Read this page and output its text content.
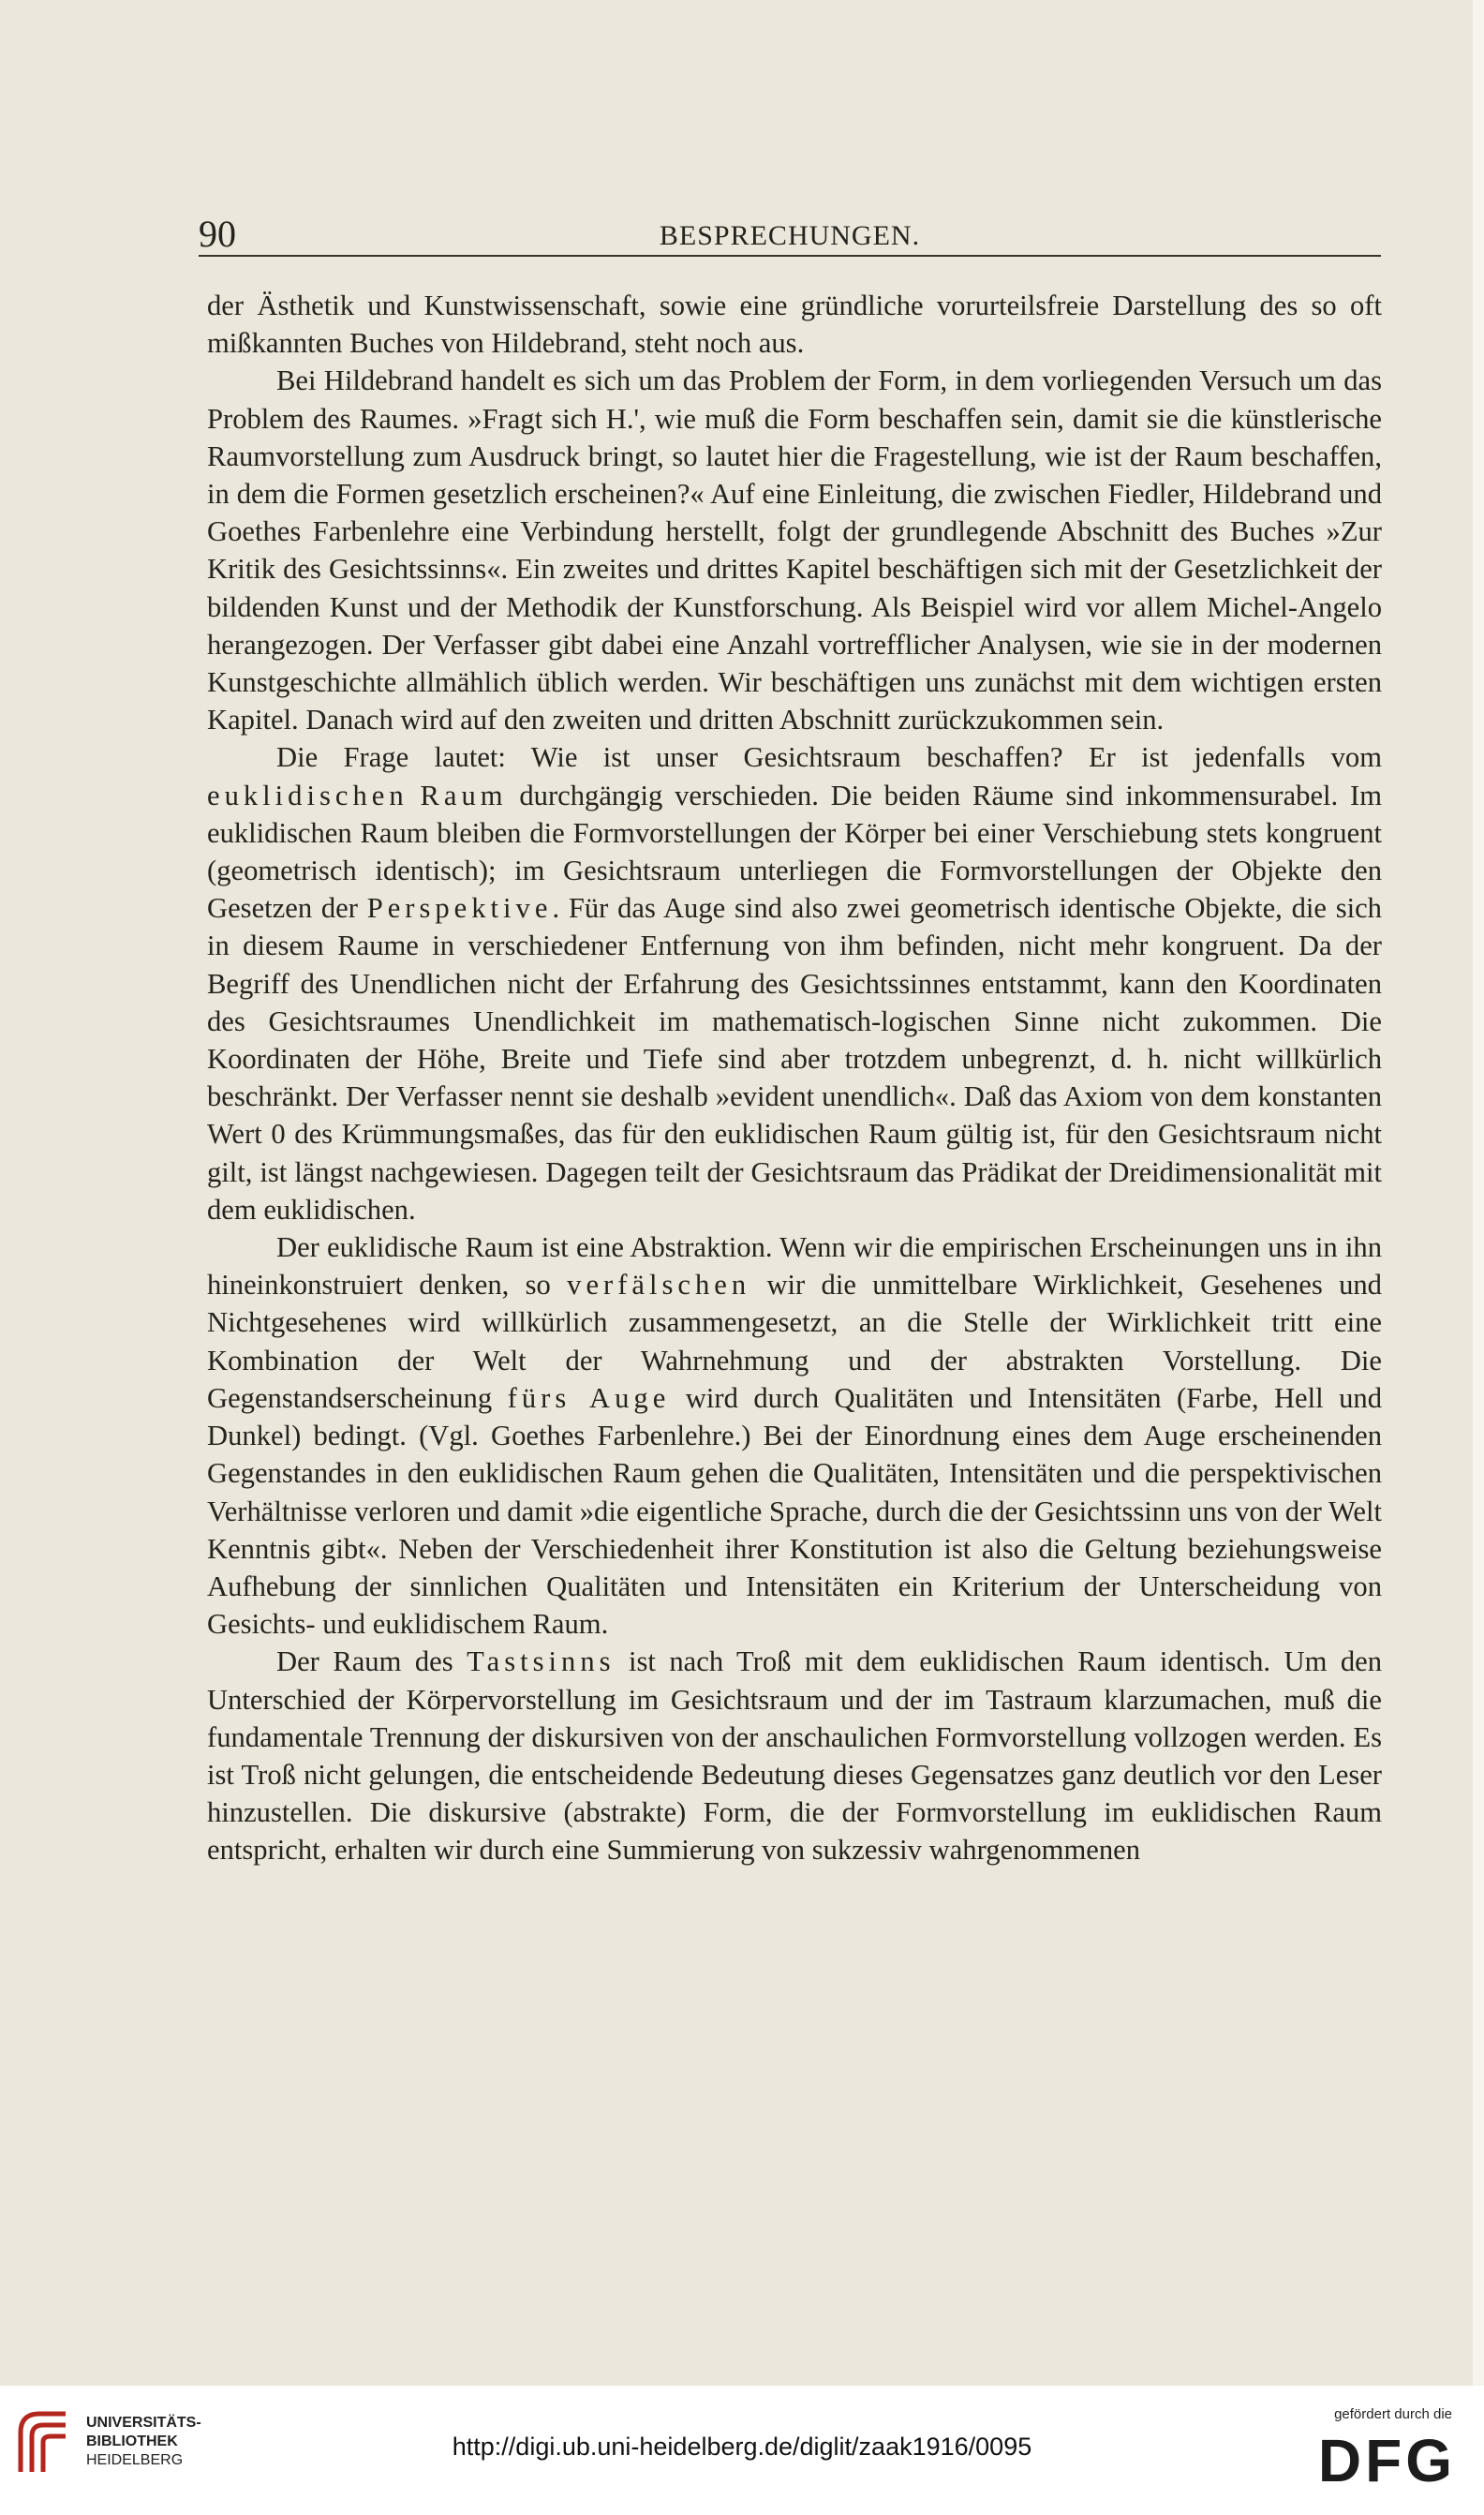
90	BESPRECHUNGEN.

der Ästhetik und Kunstwissenschaft, sowie eine gründliche vorurteilsfreie Darstellung des so oft mißkannten Buches von Hildebrand, steht noch aus.

Bei Hildebrand handelt es sich um das Problem der Form, in dem vorliegenden Versuch um das Problem des Raumes. »Fragt sich H.', wie muß die Form beschaffen sein, damit sie die künstlerische Raumvorstellung zum Ausdruck bringt, so lautet hier die Fragestellung, wie ist der Raum beschaffen, in dem die Formen gesetzlich erscheinen?« Auf eine Einleitung, die zwischen Fiedler, Hildebrand und Goethes Farbenlehre eine Verbindung herstellt, folgt der grundlegende Abschnitt des Buches »Zur Kritik des Gesichtssinns«. Ein zweites und drittes Kapitel beschäftigen sich mit der Gesetzlichkeit der bildenden Kunst und der Methodik der Kunstforschung. Als Beispiel wird vor allem Michel-Angelo herangezogen. Der Verfasser gibt dabei eine Anzahl vortrefflicher Analysen, wie sie in der modernen Kunstgeschichte allmählich üblich werden. Wir beschäftigen uns zunächst mit dem wichtigen ersten Kapitel. Danach wird auf den zweiten und dritten Abschnitt zurückzukommen sein.

Die Frage lautet: Wie ist unser Gesichtsraum beschaffen? Er ist jedenfalls vom euklidischen Raum durchgängig verschieden. Die beiden Räume sind inkommensurabel. Im euklidischen Raum bleiben die Formvorstellungen der Körper bei einer Verschiebung stets kongruent (geometrisch identisch); im Gesichtsraum unterliegen die Formvorstellungen der Objekte den Gesetzen der Perspektive. Für das Auge sind also zwei geometrisch identische Objekte, die sich in diesem Raume in verschiedener Entfernung von ihm befinden, nicht mehr kongruent. Da der Begriff des Unendlichen nicht der Erfahrung des Gesichtssinnes entstammt, kann den Koordinaten des Gesichtsraumes Unendlichkeit im mathematisch-logischen Sinne nicht zukommen. Die Koordinaten der Höhe, Breite und Tiefe sind aber trotzdem unbegrenzt, d. h. nicht willkürlich beschränkt. Der Verfasser nennt sie deshalb »evident unendlich«. Daß das Axiom von dem konstanten Wert 0 des Krümmungsmaßes, das für den euklidischen Raum gültig ist, für den Gesichtsraum nicht gilt, ist längst nachgewiesen. Dagegen teilt der Gesichtsraum das Prädikat der Dreidimensionalität mit dem euklidischen.

Der euklidische Raum ist eine Abstraktion. Wenn wir die empirischen Erscheinungen uns in ihn hineinkonstruiert denken, so verfälschen wir die unmittelbare Wirklichkeit, Gesehenes und Nichtgesehenes wird willkürlich zusammengesetzt, an die Stelle der Wirklichkeit tritt eine Kombination der Welt der Wahrnehmung und der abstrakten Vorstellung. Die Gegenstandserscheinung fürs Auge wird durch Qualitäten und Intensitäten (Farbe, Hell und Dunkel) bedingt. (Vgl. Goethes Farbenlehre.) Bei der Einordnung eines dem Auge erscheinenden Gegenstandes in den euklidischen Raum gehen die Qualitäten, Intensitäten und die perspektivischen Verhältnisse verloren und damit »die eigentliche Sprache, durch die der Gesichtssinn uns von der Welt Kenntnis gibt«. Neben der Verschiedenheit ihrer Konstitution ist also die Geltung beziehungsweise Aufhebung der sinnlichen Qualitäten und Intensitäten ein Kriterium der Unterscheidung von Gesichts- und euklidischem Raum.

Der Raum des Tastsinns ist nach Troß mit dem euklidischen Raum identisch. Um den Unterschied der Körpervorstellung im Gesichtsraum und der im Tastraum klarzumachen, muß die fundamentale Trennung der diskursiven von der anschaulichen Formvorstellung vollzogen werden. Es ist Troß nicht gelungen, die entscheidende Bedeutung dieses Gegensatzes ganz deutlich vor den Leser hinzustellen. Die diskursive (abstrakte) Form, die der Formvorstellung im euklidischen Raum entspricht, erhalten wir durch eine Summierung von sukzessiv wahrgenommenen

UNIVERSITÄTS-
BIBLIOTHEK
HEIDELBERG	http://digi.ub.uni-heidelberg.de/diglit/zaak1916/0095
gefördert durch die
DFG
